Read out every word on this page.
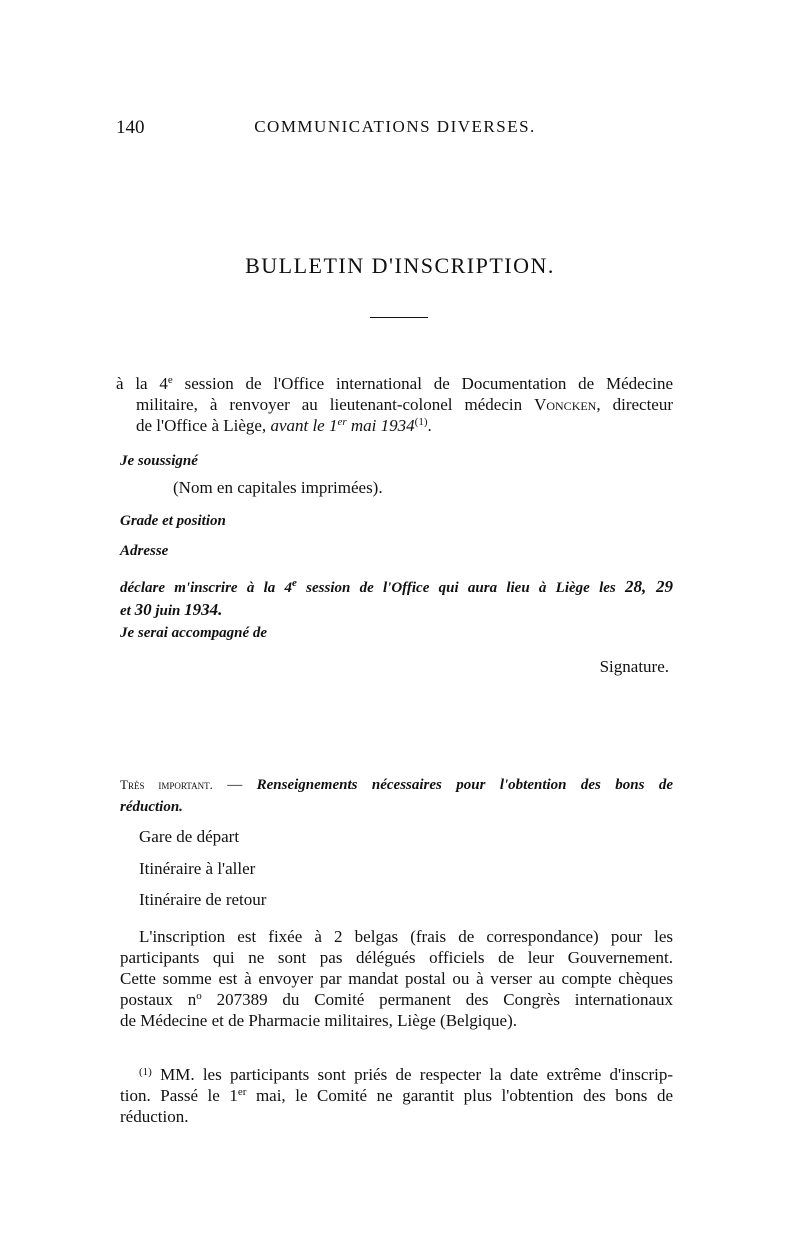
140	COMMUNICATIONS DIVERSES.
BULLETIN D'INSCRIPTION.
à la 4e session de l'Office international de Documentation de Médecine
militaire, à renvoyer au lieutenant-colonel médecin Voncken, directeur
de l'Office à Liège, avant le 1er mai 1934$^{(1)}$.
Je soussigné
(Nom en capitales imprimées).
Grade et position
Adresse
déclare m'inscrire à la 4e session de l'Office qui aura lieu à Liège les 28, 29
et 30 juin 1934.
Je serai accompagné de
Signature.
Très important. — Renseignements nécessaires pour l'obtention des bons de
réduction.
Gare de départ
Itinéraire à l'aller
Itinéraire de retour
L'inscription est fixée à 2 belgas (frais de correspondance) pour les
participants qui ne sont pas délégués officiels de leur Gouvernement.
Cette somme est à envoyer par mandat postal ou à verser au compte chèques
postaux $n^o$ 207389 du Comité permanent des Congrès internationaux
de Médecine et de Pharmacie militaires, Liège (Belgique).
$^{(1)}$ MM. les participants sont priés de respecter la date extrême d'inscrip-
tion. Passé le 1er mai, le Comité ne garantit plus l'obtention des bons de
réduction.
